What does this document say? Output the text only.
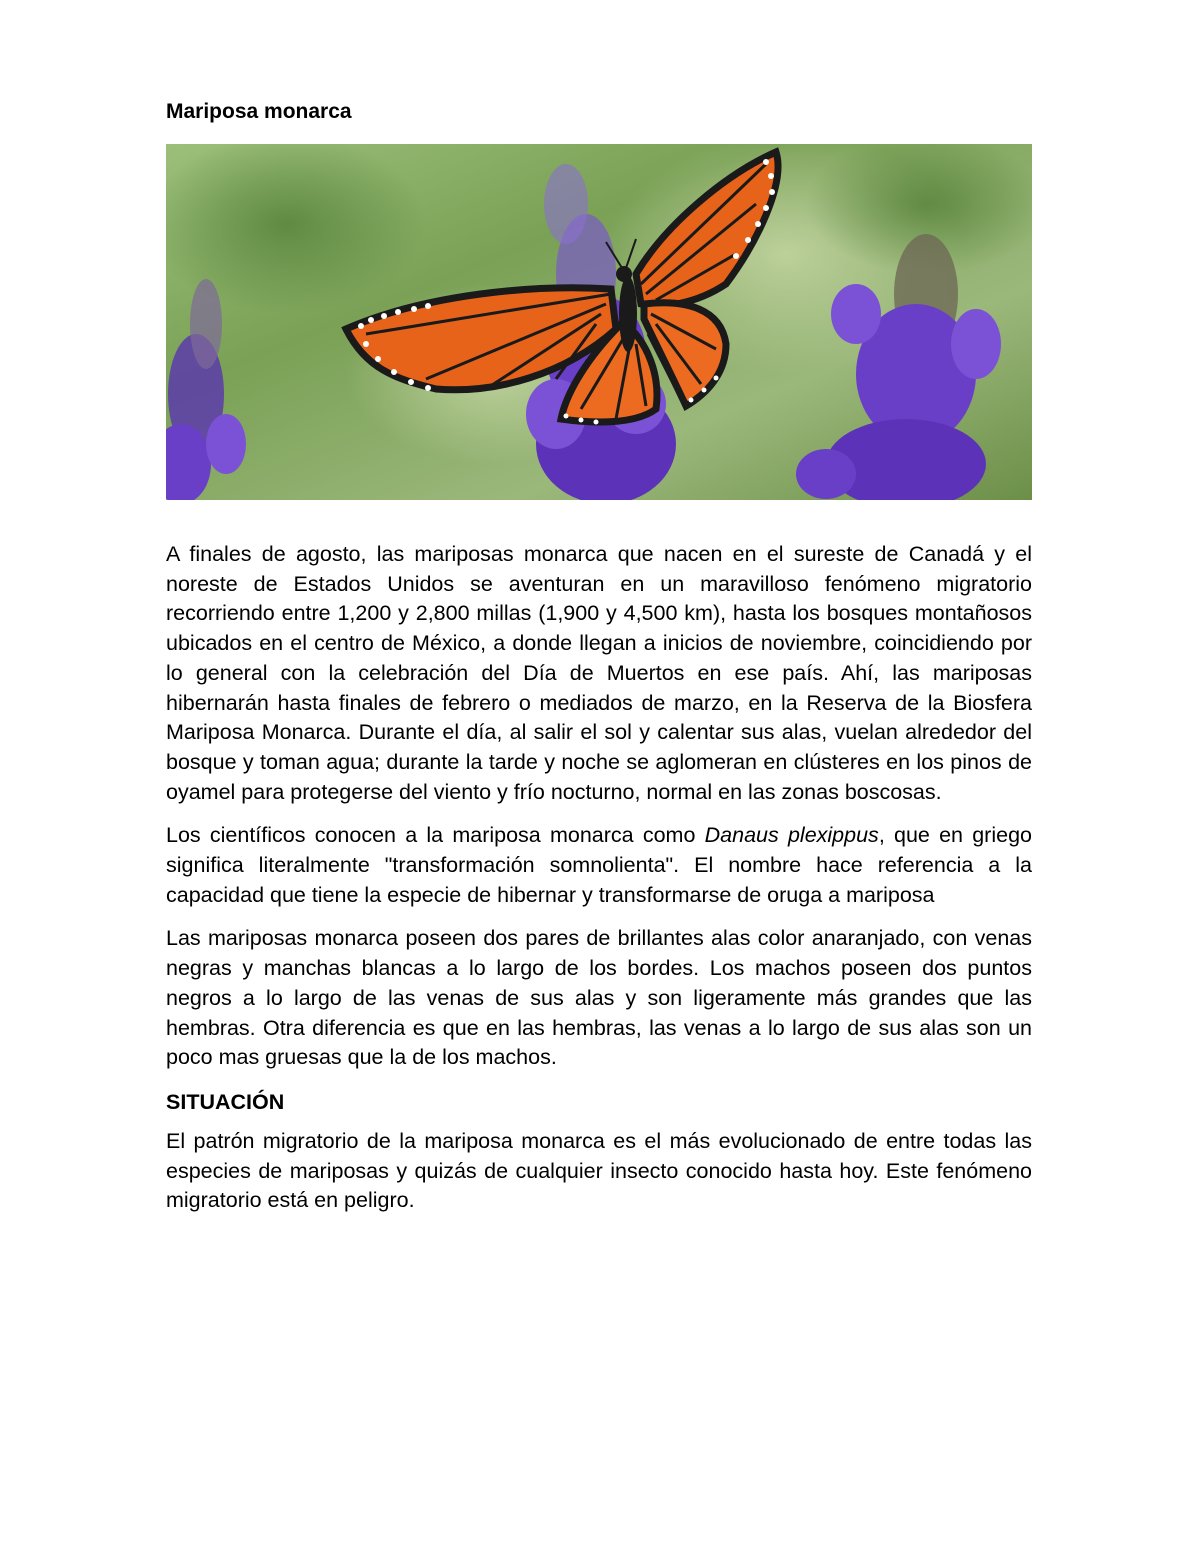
Mariposa monarca

A finales de agosto, las mariposas monarca que nacen en el sureste de Canadá y el noreste de Estados Unidos se aventuran en un maravilloso fenómeno migratorio recorriendo entre 1,200 y 2,800 millas (1,900 y 4,500 km), hasta los bosques montañosos ubicados en el centro de México, a donde llegan a inicios de noviembre, coincidiendo por lo general con la celebración del Día de Muertos en ese país. Ahí, las mariposas hibernarán hasta finales de febrero o mediados de marzo, en la Reserva de la Biosfera Mariposa Monarca. Durante el día, al salir el sol y calentar sus alas, vuelan alrededor del bosque y toman agua; durante la tarde y noche se aglomeran en clústeres en los pinos de oyamel para protegerse del viento y frío nocturno, normal en las zonas boscosas.

Los científicos conocen a la mariposa monarca como Danaus plexippus, que en griego significa literalmente "transformación somnolienta". El nombre hace referencia a la capacidad que tiene la especie de hibernar y transformarse de oruga a mariposa

Las mariposas monarca poseen dos pares de brillantes alas color anaranjado, con venas negras y manchas blancas a lo largo de los bordes. Los machos poseen dos puntos negros a lo largo de las venas de sus alas y son ligeramente más grandes que las hembras. Otra diferencia es que en las hembras, las venas a lo largo de sus alas son un poco mas gruesas que la de los machos.

SITUACIÓN

El patrón migratorio de la mariposa monarca es el más evolucionado de entre todas las especies de mariposas y quizás de cualquier insecto conocido hasta hoy. Este fenómeno migratorio está en peligro.
